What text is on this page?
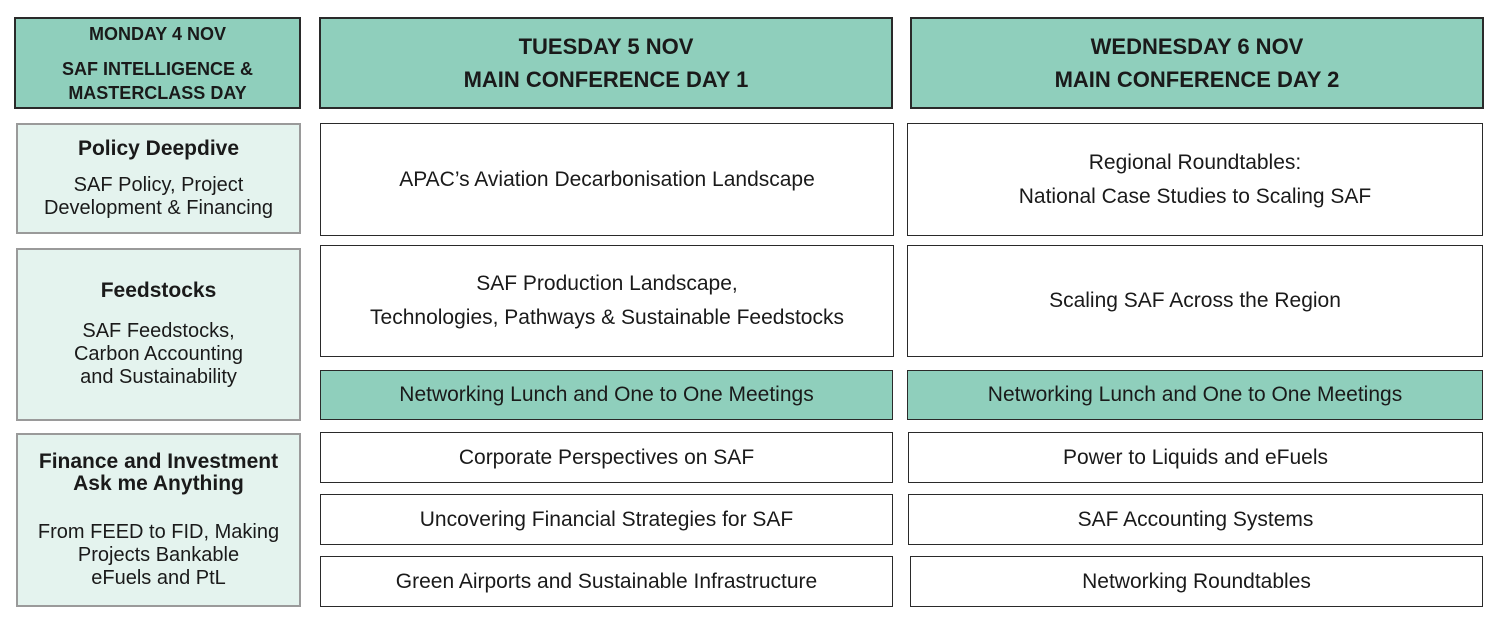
MONDAY 4 NOV
SAF INTELLIGENCE &
MASTERCLASS DAY
TUESDAY 5 NOV
MAIN CONFERENCE DAY 1
WEDNESDAY 6 NOV
MAIN CONFERENCE DAY 2
Policy Deepdive
SAF Policy, Project
Development & Financing
Feedstocks
SAF Feedstocks,
Carbon Accounting
and Sustainability
Finance and Investment
Ask me Anything
From FEED to FID, Making
Projects Bankable
eFuels and PtL
APAC’s Aviation Decarbonisation Landscape
SAF Production Landscape,
Technologies, Pathways & Sustainable Feedstocks
Networking Lunch and One to One Meetings
Corporate Perspectives on SAF
Uncovering Financial Strategies for SAF
Green Airports and Sustainable Infrastructure
Regional Roundtables:
National Case Studies to Scaling SAF
Scaling SAF Across the Region
Networking Lunch and One to One Meetings
Power to Liquids and eFuels
SAF Accounting Systems
Networking Roundtables
